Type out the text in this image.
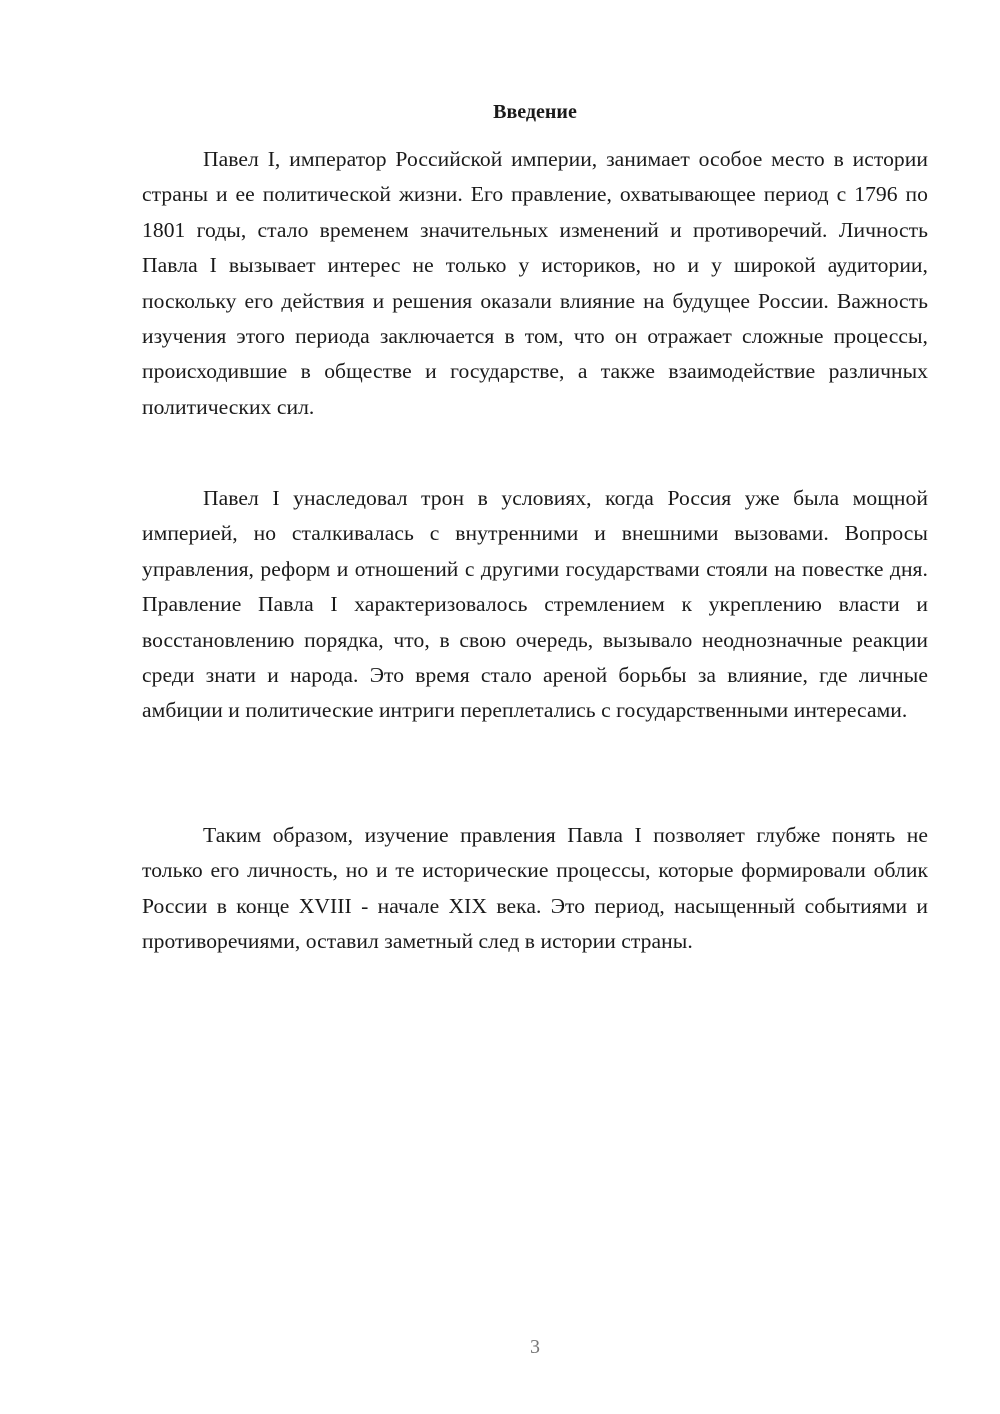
Введение

Павел I, император Российской империи, занимает особое место в истории страны и ее политической жизни. Его правление, охватывающее период с 1796 по 1801 годы, стало временем значительных изменений и противоречий. Личность Павла I вызывает интерес не только у историков, но и у широкой аудитории, поскольку его действия и решения оказали влияние на будущее России. Важность изучения этого периода заключается в том, что он отражает сложные процессы, происходившие в обществе и государстве, а также взаимодействие различных политических сил.

Павел I унаследовал трон в условиях, когда Россия уже была мощной империей, но сталкивалась с внутренними и внешними вызовами. Вопросы управления, реформ и отношений с другими государствами стояли на повестке дня. Правление Павла I характеризовалось стремлением к укреплению власти и восстановлению порядка, что, в свою очередь, вызывало неоднозначные реакции среди знати и народа. Это время стало ареной борьбы за влияние, где личные амбиции и политические интриги переплетались с государственными интересами.

Таким образом, изучение правления Павла I позволяет глубже понять не только его личность, но и те исторические процессы, которые формировали облик России в конце XVIII - начале XIX века. Это период, насыщенный событиями и противоречиями, оставил заметный след в истории страны.

3
